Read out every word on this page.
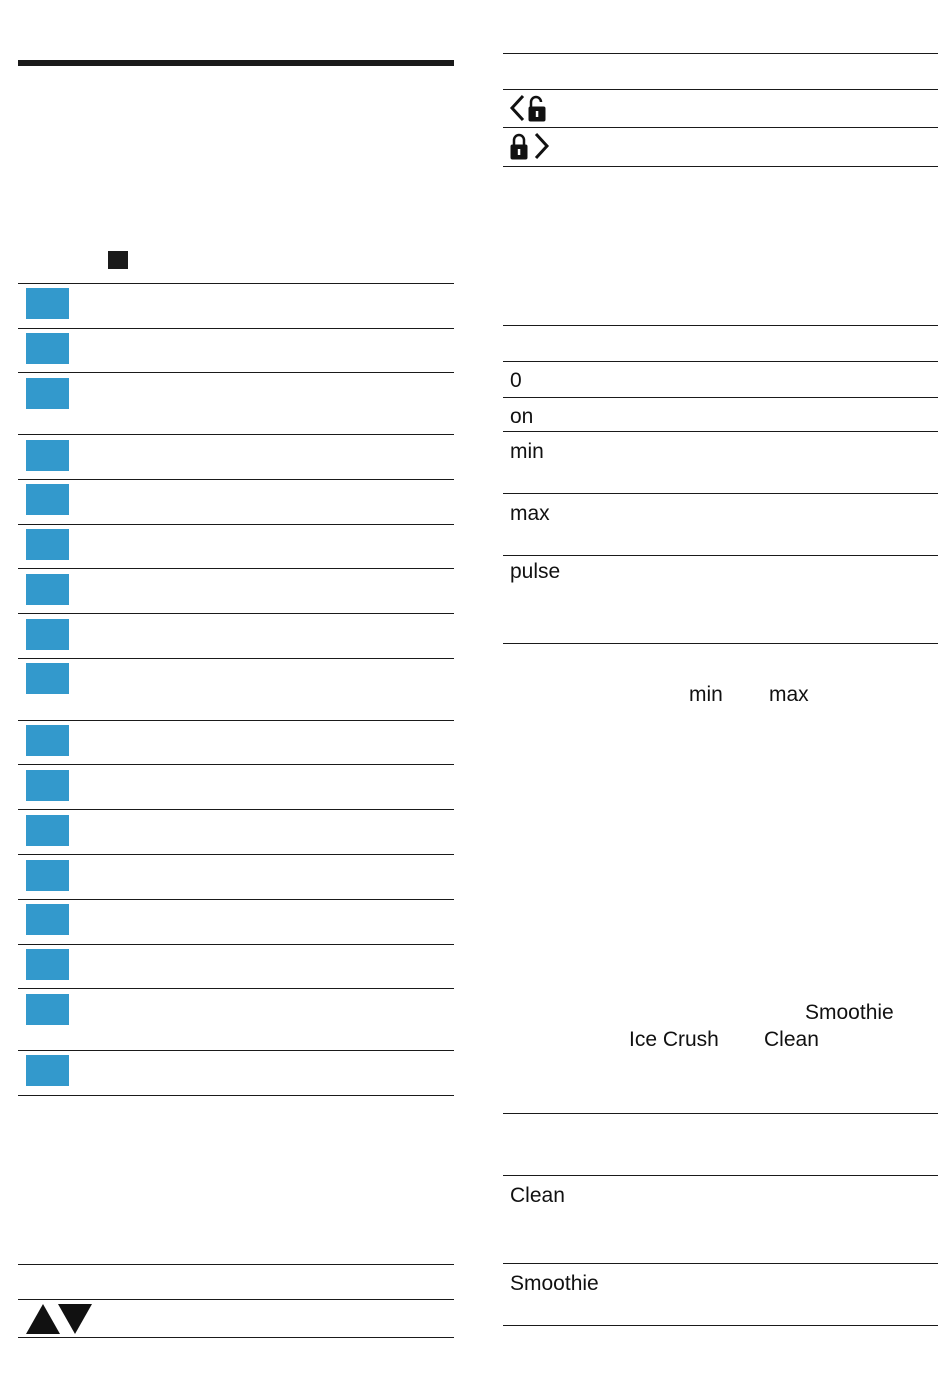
0
on
min
max
pulse
min max
Smoothie
Ice Crush Clean
Clean
Smoothie
